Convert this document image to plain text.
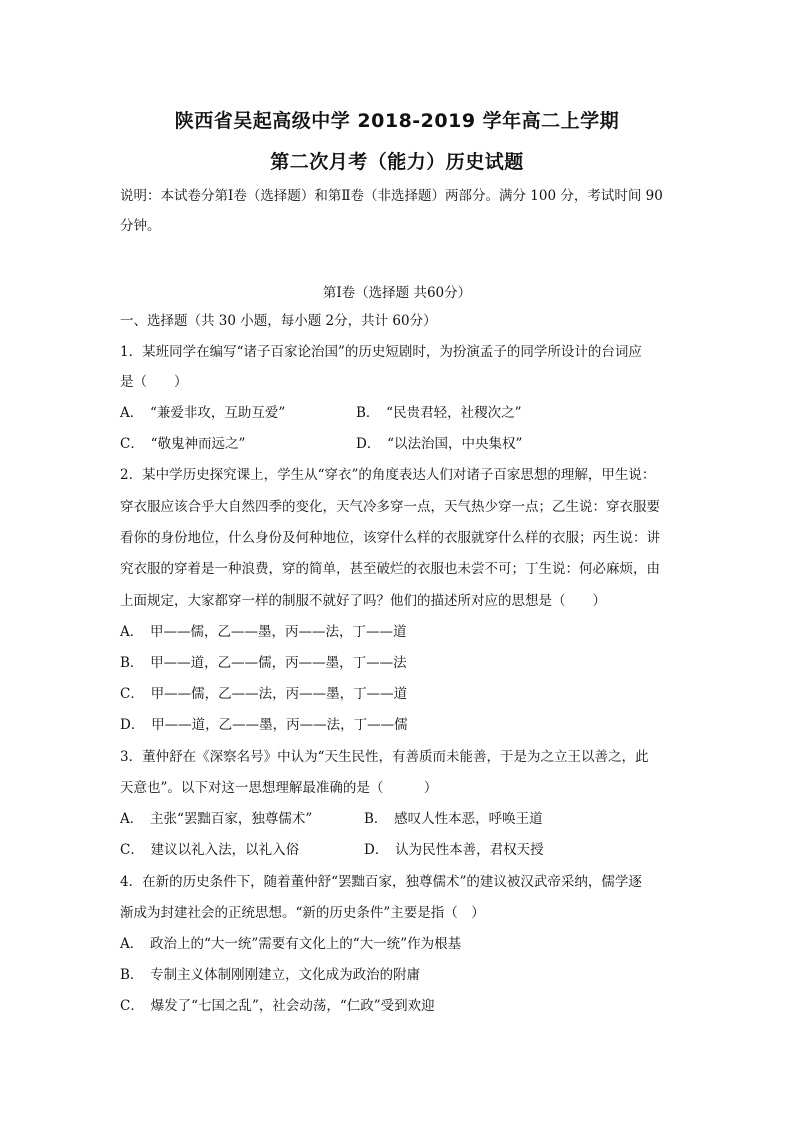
陕西省吴起高级中学 2018-2019 学年高二上学期
第二次月考（能力）历史试题
说明：本试卷分第Ⅰ卷（选择题）和第Ⅱ卷（非选择题）两部分。满分 100 分，考试时间 90
分钟。
第Ⅰ卷（选择题 共60分）
一、选择题（共 30 小题，每小题 2分，共计 60分）
1．某班同学在编写“诸子百家论治国”的历史短剧时，为扮演孟子的同学所设计的台词应
是（　　）
A．　“兼爱非攻，互助互爱”	B．　“民贵君轻，社稷次之”
C．　“敬鬼神而远之”	D．　“以法治国，中央集权”
2．某中学历史探究课上，学生从“穿衣”的角度表达人们对诸子百家思想的理解，甲生说：
穿衣服应该合乎大自然四季的变化，天气冷多穿一点，天气热少穿一点；乙生说：穿衣服要
看你的身份地位，什么身份及何种地位，该穿什么样的衣服就穿什么样的衣服；丙生说：讲
究衣服的穿着是一种浪费，穿的简单，甚至破烂的衣服也未尝不可；丁生说：何必麻烦，由
上面规定，大家都穿一样的制服不就好了吗？他们的描述所对应的思想是（　　）
A．　甲——儒，乙——墨，丙——法，丁——道
B．　甲——道，乙——儒，丙——墨，丁——法
C．　甲——儒，乙——法，丙——墨，丁——道
D．　甲——道，乙——墨，丙——法，丁——儒
3．董仲舒在《深察名号》中认为“天生民性，有善质而未能善，于是为之立王以善之，此
天意也”。以下对这一思想理解最准确的是（　　　）
A．　主张“罢黜百家，独尊儒术”	B．　感叹人性本恶，呼唤王道
C．　建议以礼入法，以礼入俗	D．　认为民性本善，君权天授
4．在新的历史条件下，随着董仲舒“罢黜百家，独尊儒术”的建议被汉武帝采纳，儒学逐
渐成为封建社会的正统思想。“新的历史条件”主要是指（　）
A．　政治上的“大一统”需要有文化上的“大一统”作为根基
B．　专制主义体制刚刚建立，文化成为政治的附庸
C．　爆发了“七国之乱”，社会动荡，“仁政”受到欢迎
